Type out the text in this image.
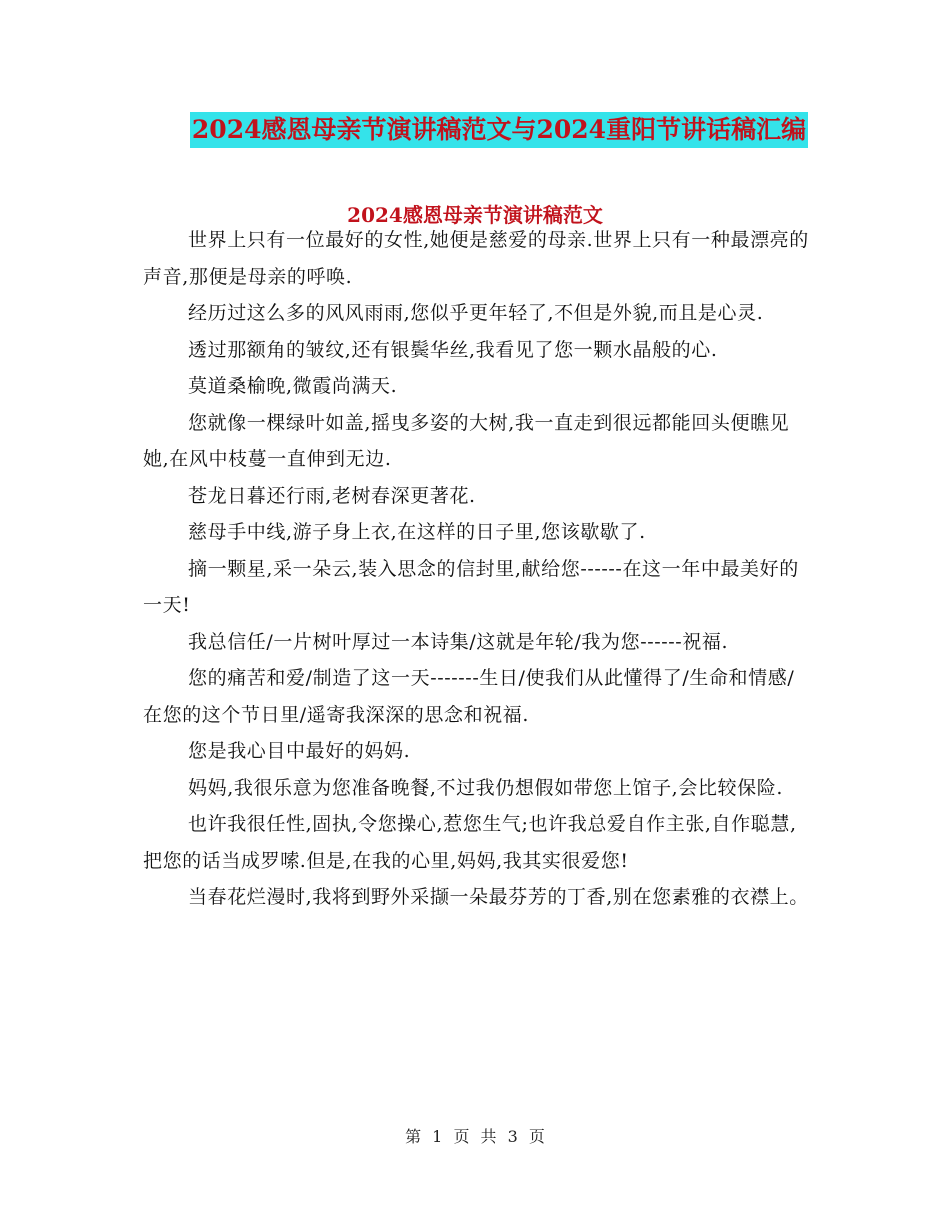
2024感恩母亲节演讲稿范文与2024重阳节讲话稿汇编
2024感恩母亲节演讲稿范文

世界上只有一位最好的女性,她便是慈爱的母亲.世界上只有一种最漂亮的声音,那便是母亲的呼唤.

经历过这么多的风风雨雨,您似乎更年轻了,不但是外貌,而且是心灵.

透过那额角的皱纹,还有银鬓华丝,我看见了您一颗水晶般的心.

莫道桑榆晚,微霞尚满天.

您就像一棵绿叶如盖,摇曳多姿的大树,我一直走到很远都能回头便瞧见她,在风中枝蔓一直伸到无边.

苍龙日暮还行雨,老树春深更著花.

慈母手中线,游子身上衣,在这样的日子里,您该歇歇了.

摘一颗星,采一朵云,装入思念的信封里,献给您------在这一年中最美好的一天!

我总信任/一片树叶厚过一本诗集/这就是年轮/我为您------祝福.

您的痛苦和爱/制造了这一天-------生日/使我们从此懂得了/生命和情感/在您的这个节日里/遥寄我深深的思念和祝福.

您是我心目中最好的妈妈.

妈妈,我很乐意为您准备晚餐,不过我仍想假如带您上馆子,会比较保险.

也许我很任性,固执,令您操心,惹您生气;也许我总爱自作主张,自作聪慧,把您的话当成罗嗦.但是,在我的心里,妈妈,我其实很爱您!

当春花烂漫时,我将到野外采撷一朵最芬芳的丁香,别在您素雅的衣襟上。

第 1 页 共 3 页
